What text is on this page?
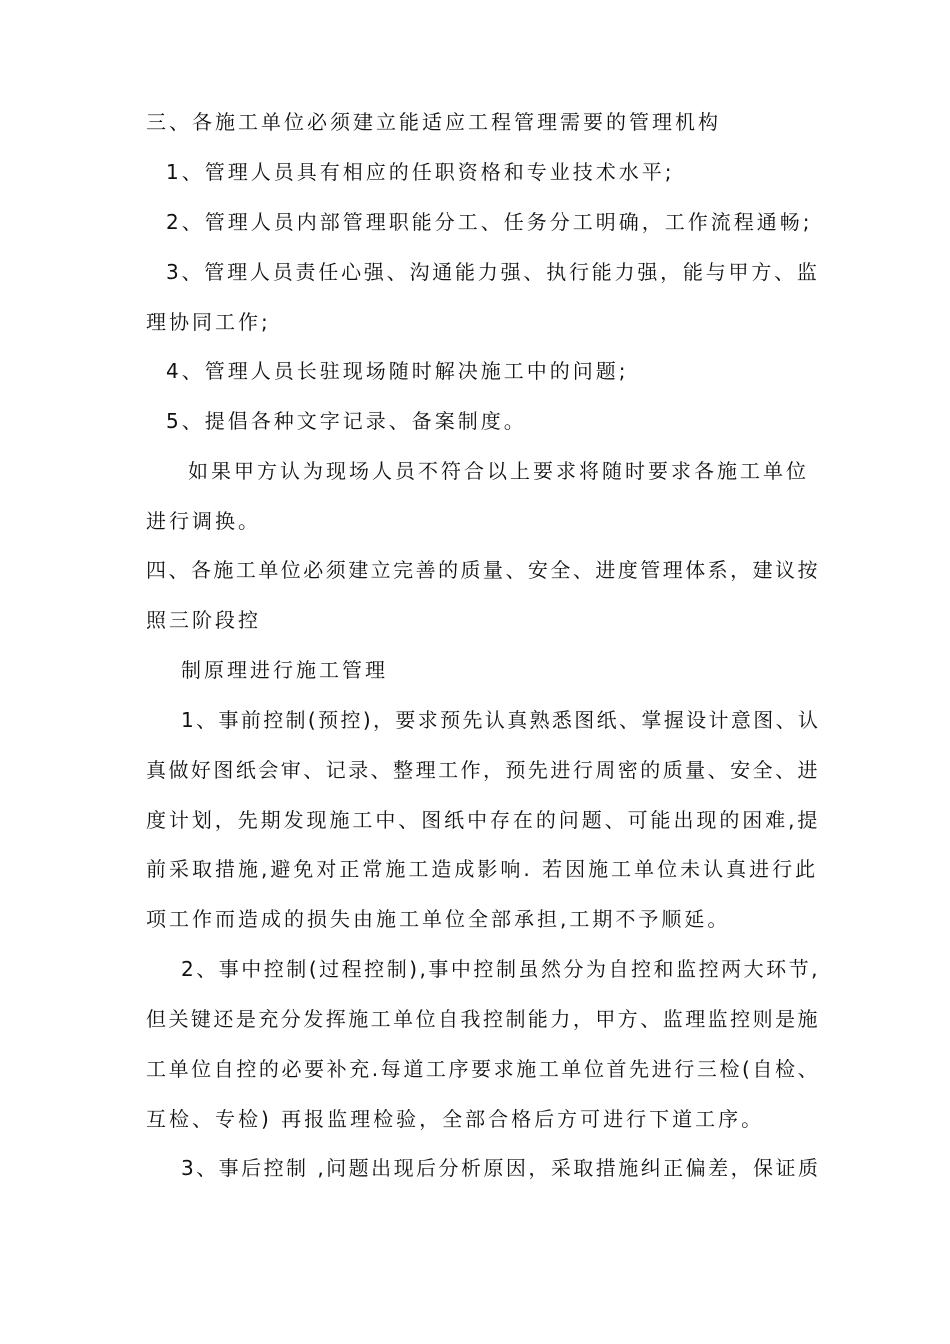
三、各施工单位必须建立能适应工程管理需要的管理机构
1、管理人员具有相应的任职资格和专业技术水平;
2、管理人员内部管理职能分工、任务分工明确，工作流程通畅;
3、管理人员责任心强、沟通能力强、执行能力强，能与甲方、监
理协同工作;
4、管理人员长驻现场随时解决施工中的问题;
5、提倡各种文字记录、备案制度。
如果甲方认为现场人员不符合以上要求将随时要求各施工单位
进行调换。
四、各施工单位必须建立完善的质量、安全、进度管理体系，建议按
照三阶段控
制原理进行施工管理
1、事前控制(预控)，要求预先认真熟悉图纸、掌握设计意图、认
真做好图纸会审、记录、整理工作，预先进行周密的质量、安全、进
度计划，先期发现施工中、图纸中存在的问题、可能出现的困难,提
前采取措施,避免对正常施工造成影响. 若因施工单位未认真进行此
项工作而造成的损失由施工单位全部承担,工期不予顺延。
2、事中控制(过程控制),事中控制虽然分为自控和监控两大环节,
但关键还是充分发挥施工单位自我控制能力，甲方、监理监控则是施
工单位自控的必要补充.每道工序要求施工单位首先进行三检(自检、
互检、专检) 再报监理检验，全部合格后方可进行下道工序。
3、事后控制 ,问题出现后分析原因，采取措施纠正偏差，保证质
